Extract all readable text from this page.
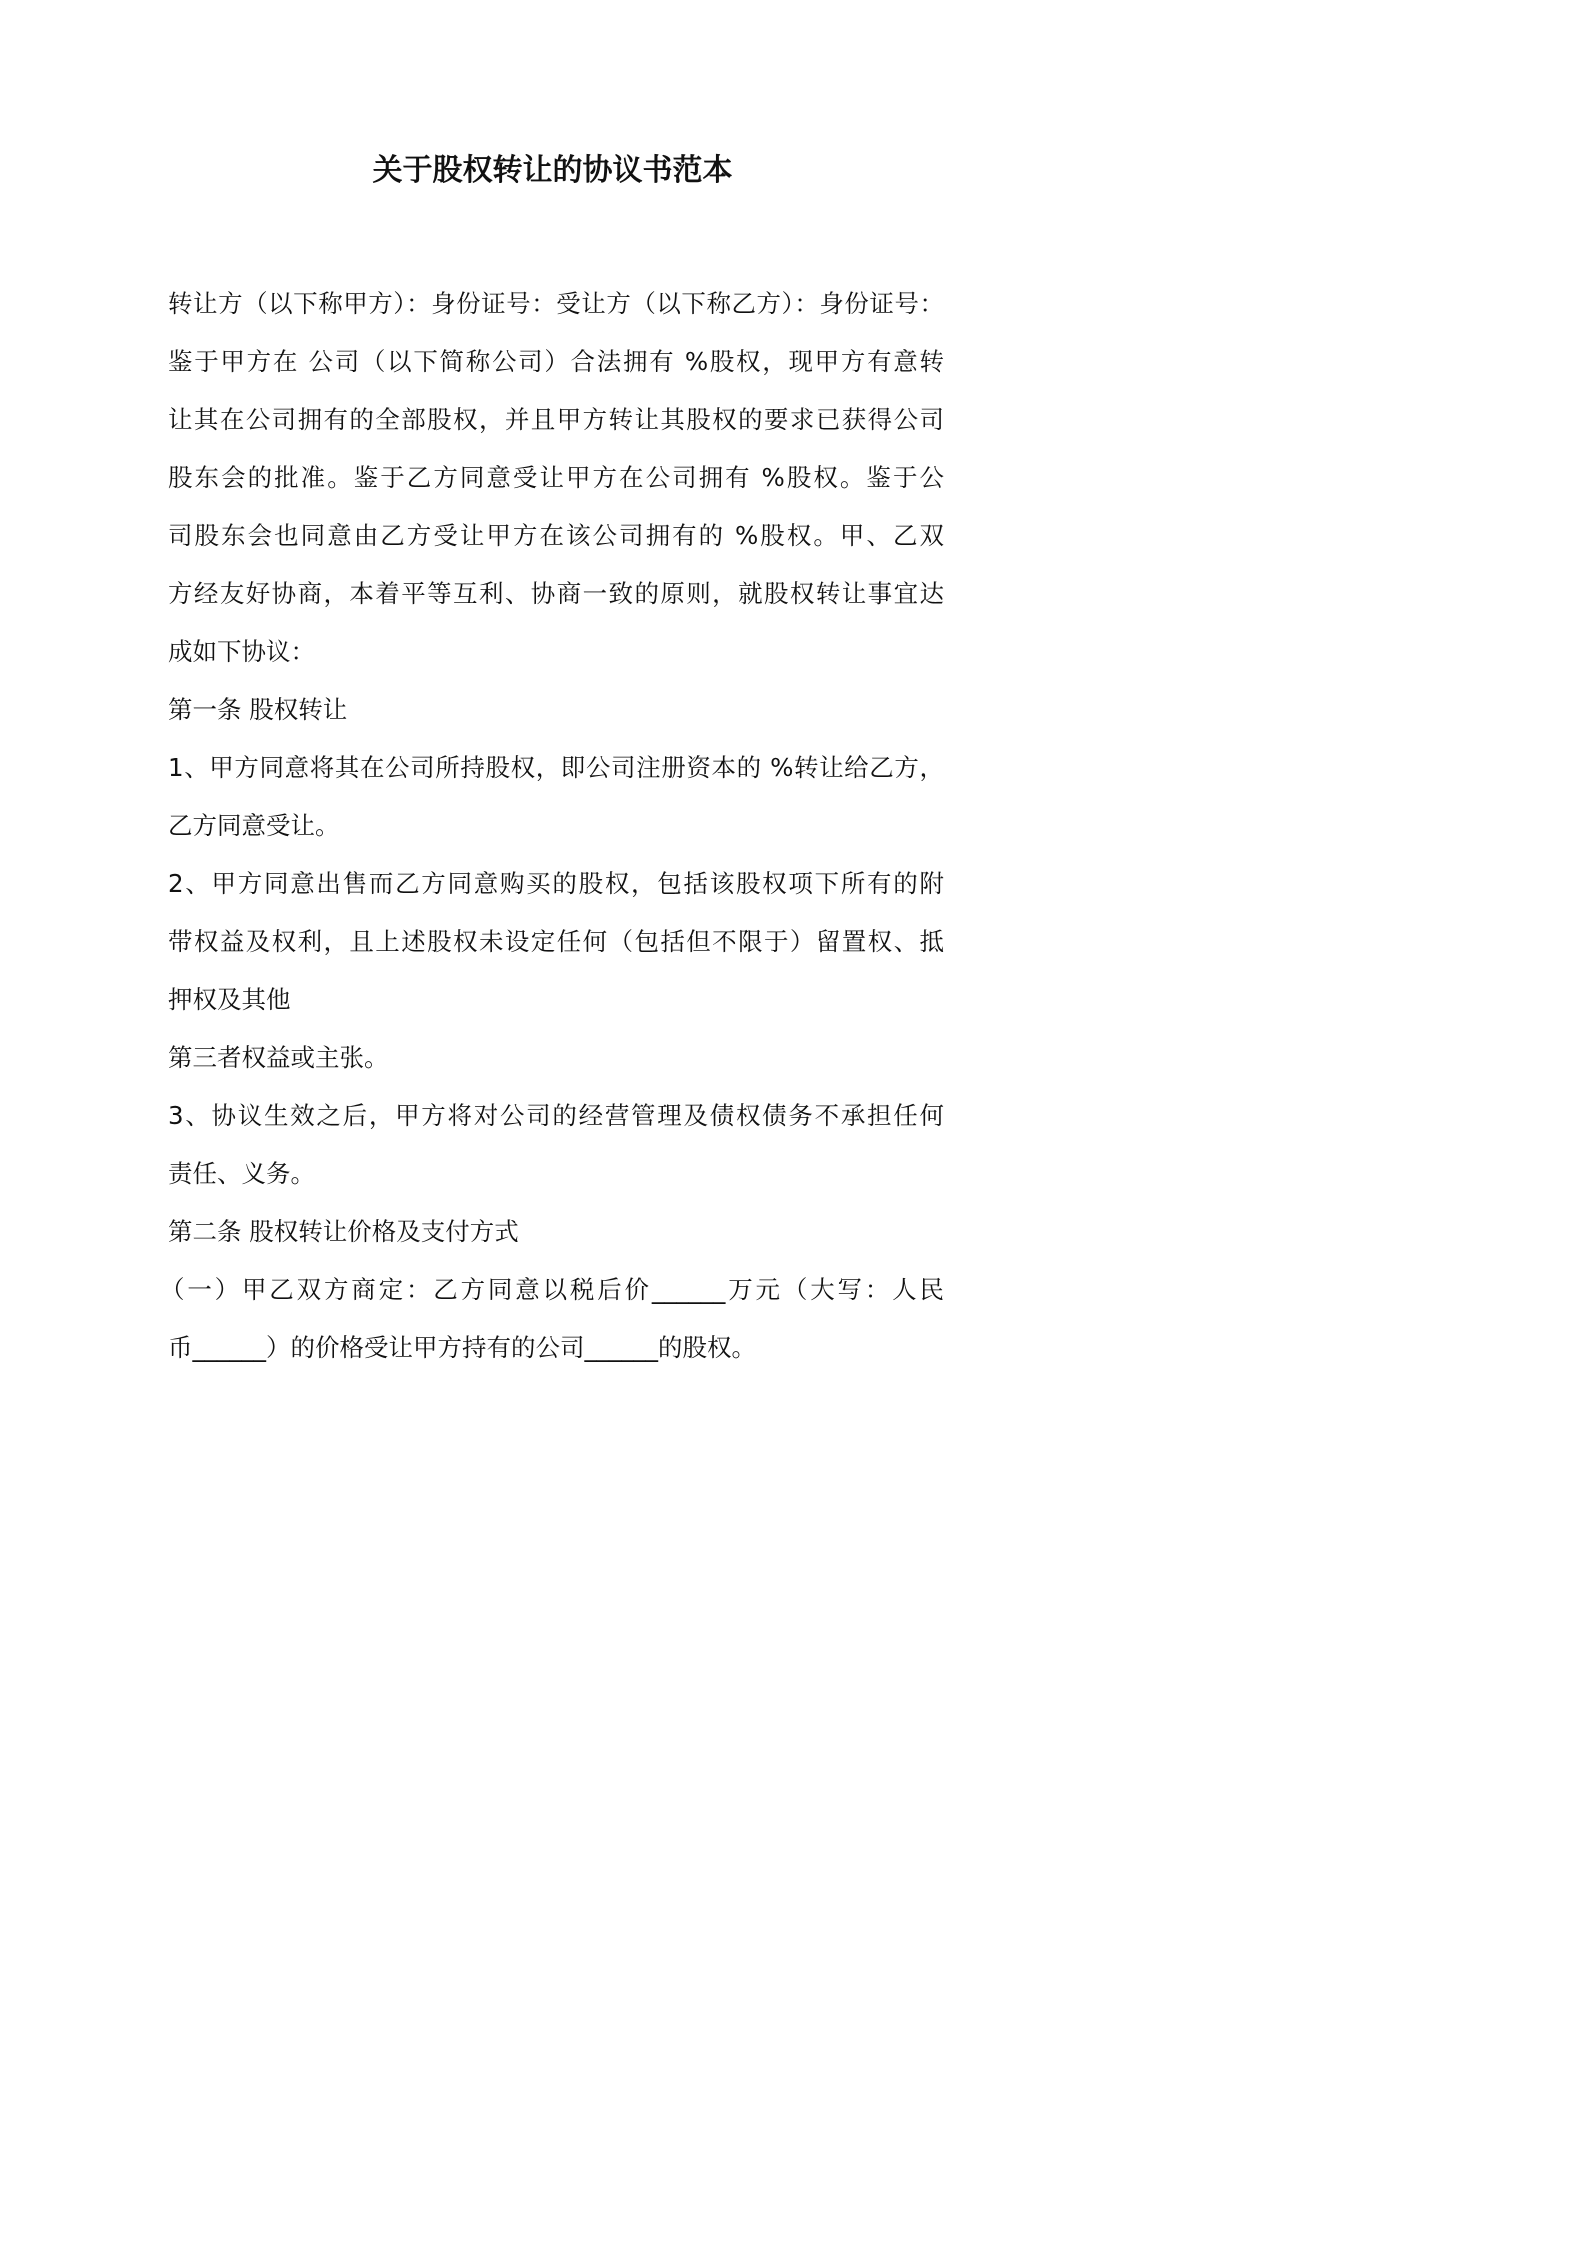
关于股权转让的协议书范本
转让方（以下称甲方）：身份证号：受让方（以下称乙方）：身份证号：
鉴于甲方在 公司（以下简称公司）合法拥有 %股权，现甲方有意转
让其在公司拥有的全部股权，并且甲方转让其股权的要求已获得公司
股东会的批准。鉴于乙方同意受让甲方在公司拥有 %股权。鉴于公
司股东会也同意由乙方受让甲方在该公司拥有的 %股权。甲、乙双
方经友好协商，本着平等互利、协商一致的原则，就股权转让事宜达
成如下协议：
第一条 股权转让
1、甲方同意将其在公司所持股权，即公司注册资本的 %转让给乙方，
乙方同意受让。
2、甲方同意出售而乙方同意购买的股权，包括该股权项下所有的附
带权益及权利，且上述股权未设定任何（包括但不限于）留置权、抵
押权及其他
第三者权益或主张。
3、协议生效之后，甲方将对公司的经营管理及债权债务不承担任何
责任、义务。
第二条 股权转让价格及支付方式
（一）甲乙双方商定：乙方同意以税后价______万元（大写：人民
币______）的价格受让甲方持有的公司______的股权。
